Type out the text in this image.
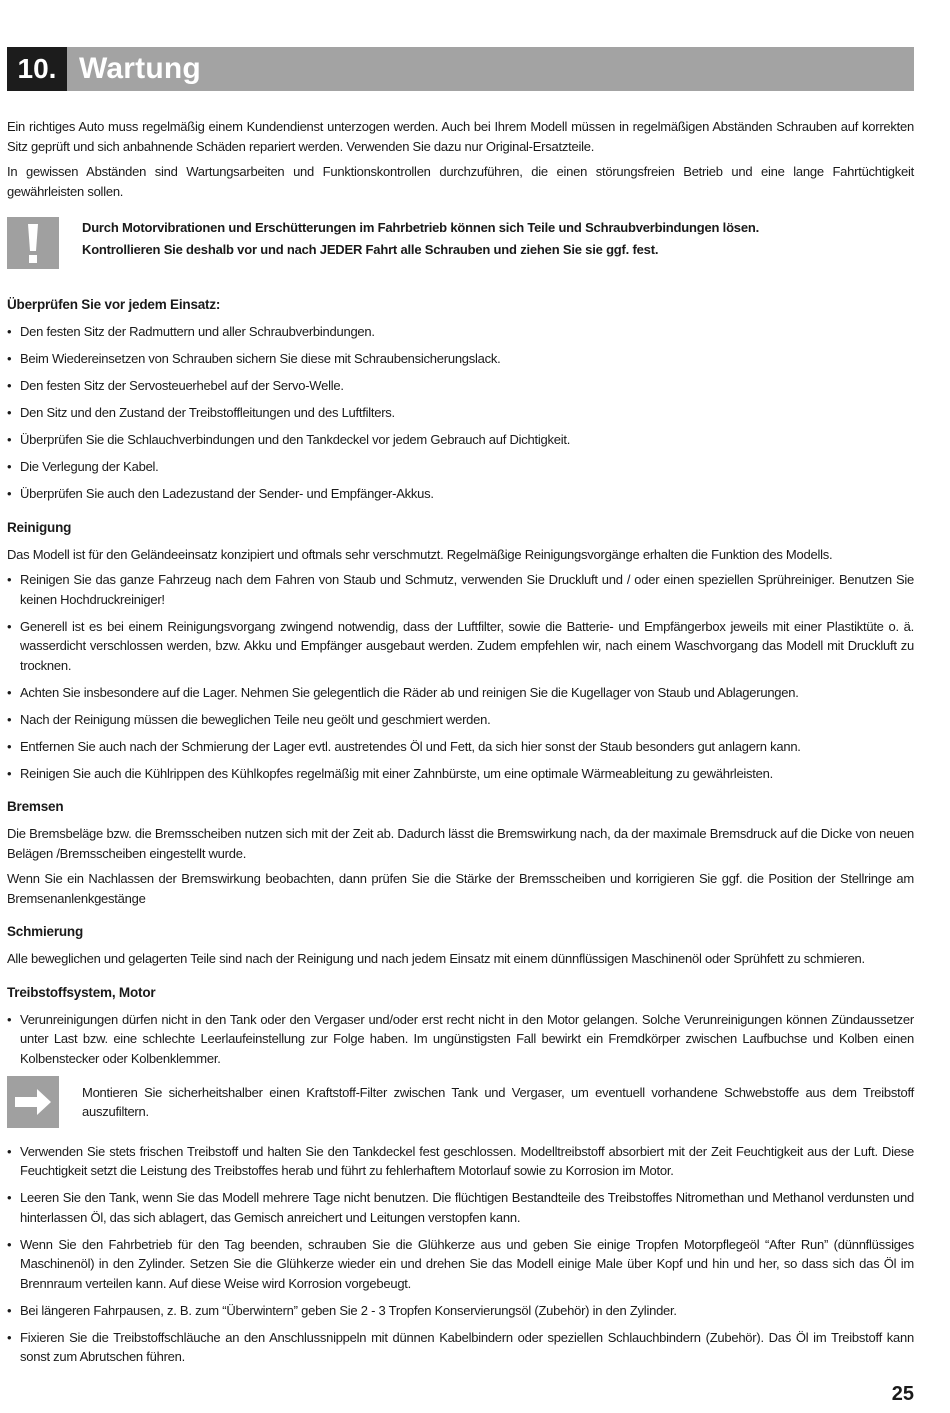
10. Wartung

Ein richtiges Auto muss regelmäßig einem Kundendienst unterzogen werden. Auch bei Ihrem Modell müssen in regelmäßigen Abständen Schrauben auf korrekten Sitz geprüft und sich anbahnende Schäden repariert werden. Verwenden Sie dazu nur Original-Ersatzteile.

In gewissen Abständen sind Wartungsarbeiten und Funktionskontrollen durchzuführen, die einen störungsfreien Betrieb und eine lange Fahrtüchtigkeit gewährleisten sollen.

Durch Motorvibrationen und Erschütterungen im Fahrbetrieb können sich Teile und Schraubverbindungen lösen.
Kontrollieren Sie deshalb vor und nach JEDER Fahrt alle Schrauben und ziehen Sie sie ggf. fest.
Überprüfen Sie vor jedem Einsatz:
• Den festen Sitz der Radmuttern und aller Schraubverbindungen.
• Beim Wiedereinsetzen von Schrauben sichern Sie diese mit Schraubensicherungslack.
• Den festen Sitz der Servosteuerhebel auf der Servo-Welle.
• Den Sitz und den Zustand der Treibstoffleitungen und des Luftfilters.
• Überprüfen Sie die Schlauchverbindungen und den Tankdeckel vor jedem Gebrauch auf Dichtigkeit.
• Die Verlegung der Kabel.
• Überprüfen Sie auch den Ladezustand der Sender- und Empfänger-Akkus.
Reinigung

Das Modell ist für den Geländeeinsatz konzipiert und oftmals sehr verschmutzt. Regelmäßige Reinigungsvorgänge erhalten die Funktion des Modells.

• Reinigen Sie das ganze Fahrzeug nach dem Fahren von Staub und Schmutz, verwenden Sie Druckluft und / oder einen speziellen Sprühreiniger. Benutzen Sie keinen Hochdruckreiniger!
• Generell ist es bei einem Reinigungsvorgang zwingend notwendig, dass der Luftfilter, sowie die Batterie- und Empfängerbox jeweils mit einer Plastiktüte o. ä. wasserdicht verschlossen werden, bzw. Akku und Empfänger ausgebaut werden. Zudem empfehlen wir, nach einem Waschvorgang das Modell mit Druckluft zu trocknen.
• Achten Sie insbesondere auf die Lager. Nehmen Sie gelegentlich die Räder ab und reinigen Sie die Kugellager von Staub und Ablagerungen.
• Nach der Reinigung müssen die beweglichen Teile neu geölt und geschmiert werden.
• Entfernen Sie auch nach der Schmierung der Lager evtl. austretendes Öl und Fett, da sich hier sonst der Staub besonders gut anlagern kann.
• Reinigen Sie auch die Kühlrippen des Kühlkopfes regelmäßig mit einer Zahnbürste, um eine optimale Wärmeableitung zu gewährleisten.
Bremsen

Die Bremsbeläge bzw. die Bremsscheiben nutzen sich mit der Zeit ab. Dadurch lässt die Bremswirkung nach, da der maximale Bremsdruck auf die Dicke von neuen Belägen /Bremsscheiben eingestellt wurde.

Wenn Sie ein Nachlassen der Bremswirkung beobachten, dann prüfen Sie die Stärke der Bremsscheiben und korrigieren Sie ggf. die Position der Stellringe am Bremsenanlenkgestänge

Schmierung

Alle beweglichen und gelagerten Teile sind nach der Reinigung und nach jedem Einsatz mit einem dünnflüssigen Maschinenöl oder Sprühfett zu schmieren.

Treibstoffsystem, Motor
• Verunreinigungen dürfen nicht in den Tank oder den Vergaser und/oder erst recht nicht in den Motor gelangen. Solche Verunreinigungen können Zündaussetzer unter Last bzw. eine schlechte Leerlaufeinstellung zur Folge haben. Im ungünstigsten Fall bewirkt ein Fremdkörper zwischen Laufbuchse und Kolben einen Kolbenstecker oder Kolbenklemmer.
Montieren Sie sicherheitshalber einen Kraftstoff-Filter zwischen Tank und Vergaser, um eventuell vorhandene Schwebstoffe aus dem Treibstoff auszufiltern.
• Verwenden Sie stets frischen Treibstoff und halten Sie den Tankdeckel fest geschlossen. Modelltreibstoff absorbiert mit der Zeit Feuchtigkeit aus der Luft. Diese Feuchtigkeit setzt die Leistung des Treibstoffes herab und führt zu fehlerhaftem Motorlauf sowie zu Korrosion im Motor.
• Leeren Sie den Tank, wenn Sie das Modell mehrere Tage nicht benutzen. Die flüchtigen Bestandteile des Treibstoffes Nitromethan und Methanol verdunsten und hinterlassen Öl, das sich ablagert, das Gemisch anreichert und Leitungen verstopfen kann.
• Wenn Sie den Fahrbetrieb für den Tag beenden, schrauben Sie die Glühkerze aus und geben Sie einige Tropfen Motorpflegeöl “After Run” (dünnflüssiges Maschinenöl) in den Zylinder. Setzen Sie die Glühkerze wieder ein und drehen Sie das Modell einige Male über Kopf und hin und her, so dass sich das Öl im Brennraum verteilen kann. Auf diese Weise wird Korrosion vorgebeugt.
• Bei längeren Fahrpausen, z. B. zum “Überwintern” geben Sie 2 - 3 Tropfen Konservierungsöl (Zubehör) in den Zylinder.
• Fixieren Sie die Treibstoffschläuche an den Anschlussnippeln mit dünnen Kabelbindern oder speziellen Schlauchbindern (Zubehör). Das Öl im Treibstoff kann sonst zum Abrutschen führen.
25
